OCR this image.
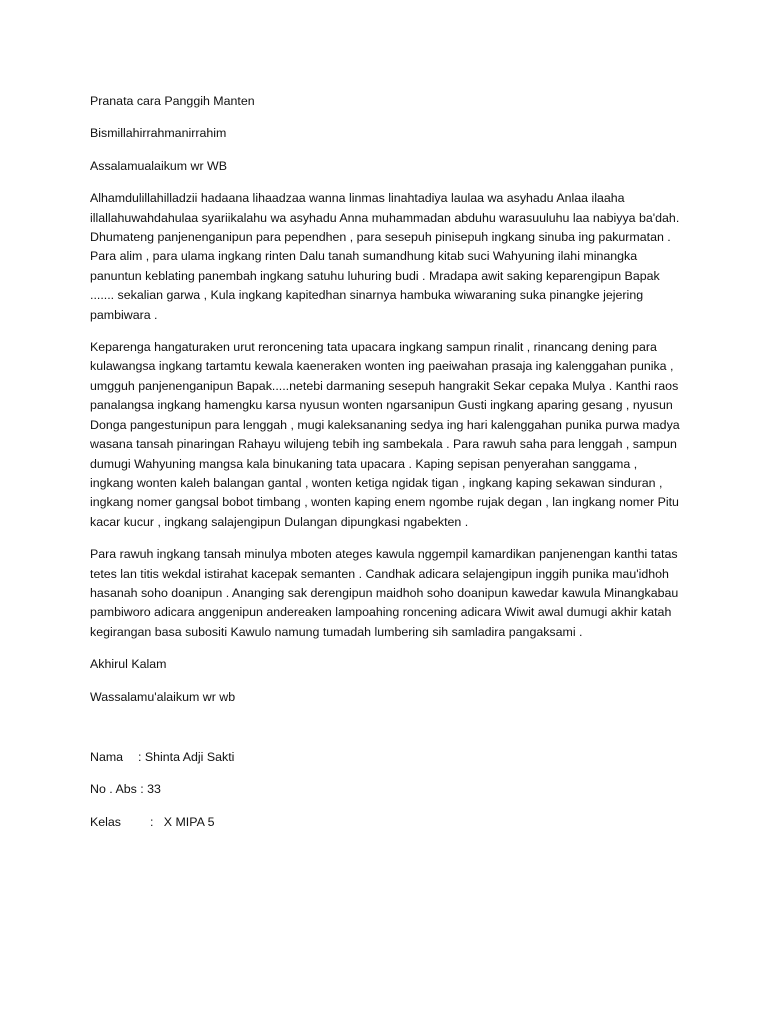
Pranata cara Panggih Manten
Bismillahirrahmanirrahim
Assalamualaikum wr WB

Alhamdulillahilladzii hadaana lihaadzaa wanna linmas linahtadiya laulaa wa asyhadu Anlaa ilaaha illallahuwahdahulaa syariikalahu wa asyhadu Anna muhammadan abduhu warasuuluhu laa nabiyya ba'dah. Dhumateng panjenenganipun para pependhen , para sesepuh pinisepuh ingkang sinuba ing pakurmatan . Para alim , para ulama ingkang rinten Dalu tanah sumandhung kitab suci Wahyuning ilahi minangka panuntun keblating panembah ingkang satuhu luhuring budi . Mradapa awit saking keparengipun Bapak ....... sekalian garwa , Kula ingkang kapitedhan sinarnya hambuka wiwaraning suka pinangke jejering pambiwara .

Keparenga hangaturaken urut reroncening tata upacara ingkang sampun rinalit , rinancang dening para kulawangsa ingkang tartamtu kewala kaeneraken wonten ing paeiwahan prasaja ing kalenggahan punika , umgguh panjenenganipun Bapak.....netebi darmaning sesepuh hangrakit Sekar cepaka Mulya . Kanthi raos panalangsa ingkang hamengku karsa nyusun wonten ngarsanipun Gusti ingkang aparing gesang , nyusun Donga pangestunipun para lenggah , mugi kaleksananing sedya ing hari kalenggahan punika purwa madya wasana tansah pinaringan Rahayu wilujeng tebih ing sambekala . Para rawuh saha para lenggah , sampun dumugi Wahyuning mangsa kala binukaning tata upacara . Kaping sepisan penyerahan sanggama , ingkang wonten kaleh balangan gantal , wonten ketiga ngidak tigan , ingkang kaping sekawan sinduran , ingkang nomer gangsal bobot timbang , wonten kaping enem ngombe rujak degan , lan ingkang nomer Pitu kacar kucur , ingkang salajengipun Dulangan dipungkasi ngabekten .

Para rawuh ingkang tansah minulya mboten ateges kawula nggempil kamardikan panjenengan kanthi tatas tetes lan titis wekdal istirahat kacepak semanten . Candhak adicara selajengipun inggih punika mau'idhoh hasanah soho doanipun . Ananging sak derengipun maidhoh soho doanipun kawedar kawula Minangkabau pambiworo adicara anggenipun andereaken lampoahing roncening adicara Wiwit awal dumugi akhir katah kegirangan basa subositi Kawulo namung tumadah lumbering sih samladira pangaksami .

Akhirul Kalam
Wassalamu'alaikum wr wb
Nama : Shinta Adji Sakti
No . Abs : 33
Kelas :   X MIPA 5
